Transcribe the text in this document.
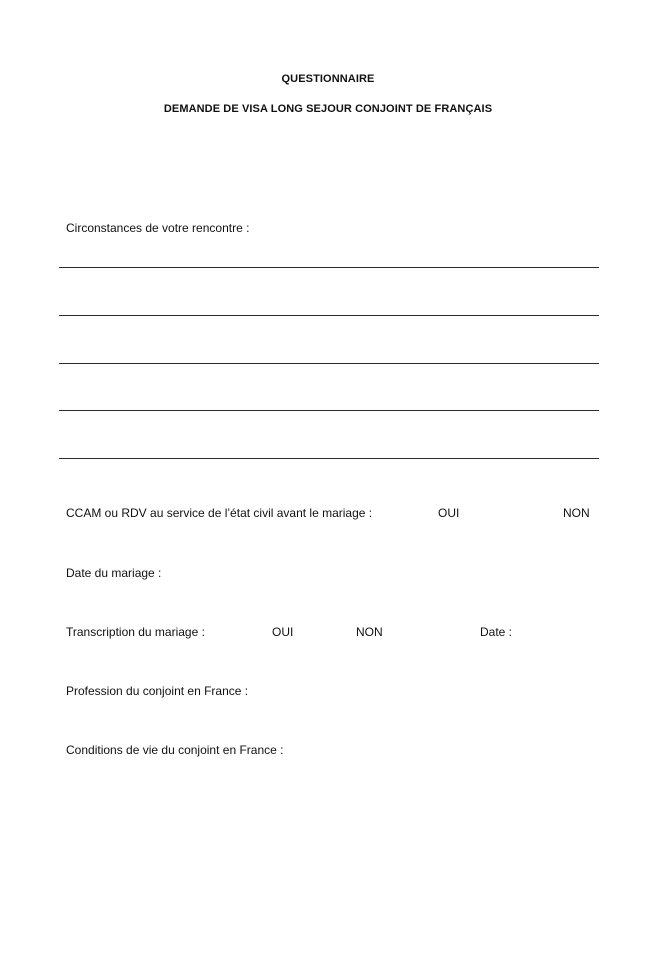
QUESTIONNAIRE
DEMANDE DE VISA LONG SEJOUR CONJOINT DE FRANÇAIS
Circonstances de votre rencontre :
CCAM ou RDV au service de l’état civil avant le mariage :	OUI	NON
Date du mariage :
Transcription du mariage :	OUI	NON	Date :
Profession du conjoint en France :
Conditions de vie du conjoint en France :
